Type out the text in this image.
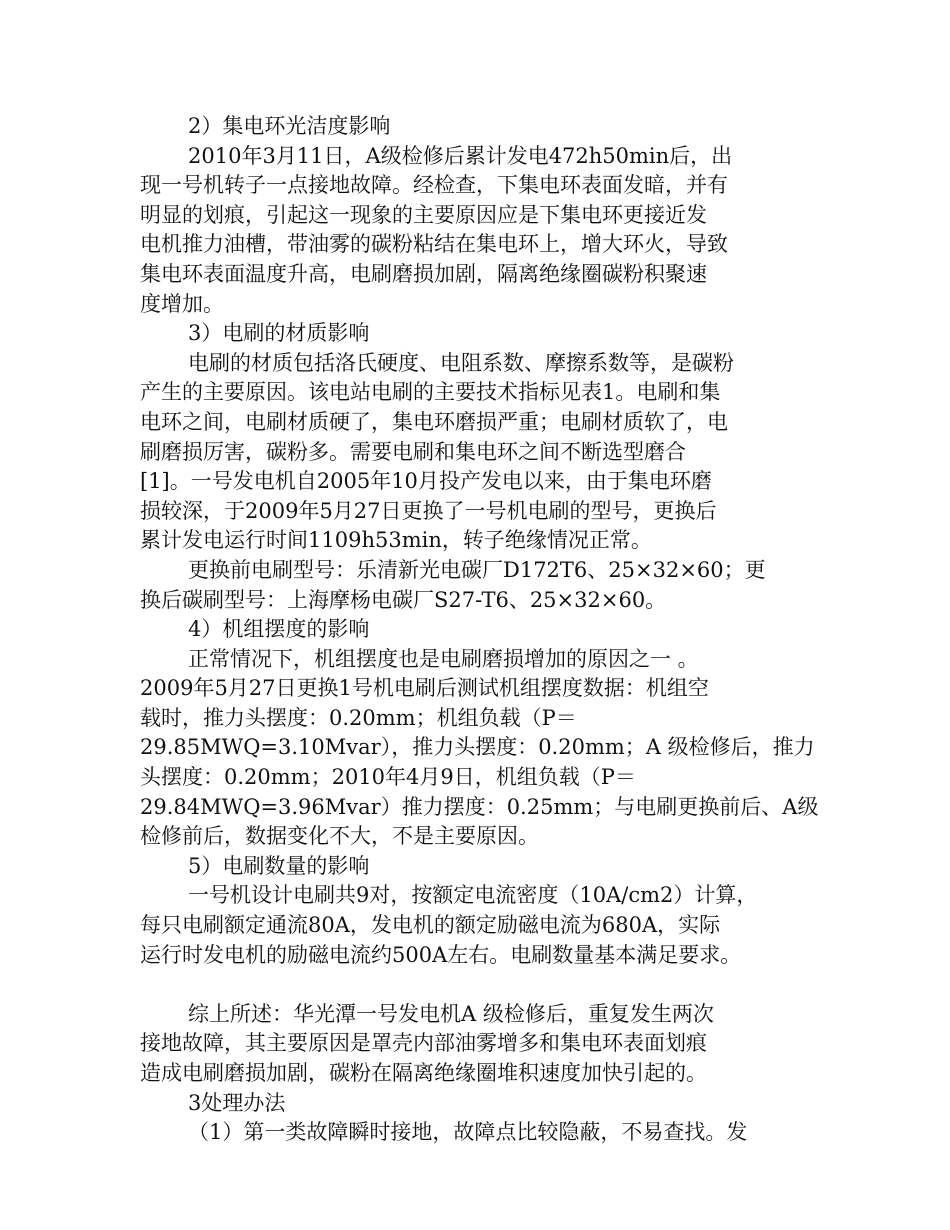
2）集电环光洁度影响
2010年3月11日，A级检修后累计发电472h50min后，出
现一号机转子一点接地故障。经检查，下集电环表面发暗，并有
明显的划痕，引起这一现象的主要原因应是下集电环更接近发
电机推力油槽，带油雾的碳粉粘结在集电环上，增大环火，导致
集电环表面温度升高，电刷磨损加剧，隔离绝缘圈碳粉积聚速
度增加。
3）电刷的材质影响
电刷的材质包括洛氏硬度、电阻系数、摩擦系数等，是碳粉
产生的主要原因。该电站电刷的主要技术指标见表1。电刷和集
电环之间，电刷材质硬了，集电环磨损严重；电刷材质软了，电
刷磨损厉害，碳粉多。需要电刷和集电环之间不断选型磨合
[1]。一号发电机自2005年10月投产发电以来，由于集电环磨
损较深，于2009年5月27日更换了一号机电刷的型号，更换后
累计发电运行时间1109h53min，转子绝缘情况正常。
更换前电刷型号：乐清新光电碳厂D172T6、25×32×60；更
换后碳刷型号：上海摩杨电碳厂S27-T6、25×32×60。
4）机组摆度的影响
正常情况下，机组摆度也是电刷磨损增加的原因之一 。
2009年5月27日更换1号机电刷后测试机组摆度数据：机组空
载时，推力头摆度：0.20mm；机组负载（P＝
29.85MWQ=3.10Mvar），推力头摆度：0.20mm；A 级检修后，推力
头摆度：0.20mm；2010年4月9日，机组负载（P＝
29.84MWQ=3.96Mvar）推力摆度：0.25mm；与电刷更换前后、A级
检修前后，数据变化不大，不是主要原因。
5）电刷数量的影响
一号机设计电刷共9对，按额定电流密度（10A/cm2）计算，
每只电刷额定通流80A，发电机的额定励磁电流为680A，实际
运行时发电机的励磁电流约500A左右。电刷数量基本满足要求。
综上所述：华光潭一号发电机A 级检修后，重复发生两次
接地故障，其主要原因是罩壳内部油雾增多和集电环表面划痕
造成电刷磨损加剧，碳粉在隔离绝缘圈堆积速度加快引起的。
3处理办法
（1）第一类故障瞬时接地，故障点比较隐蔽，不易查找。发
